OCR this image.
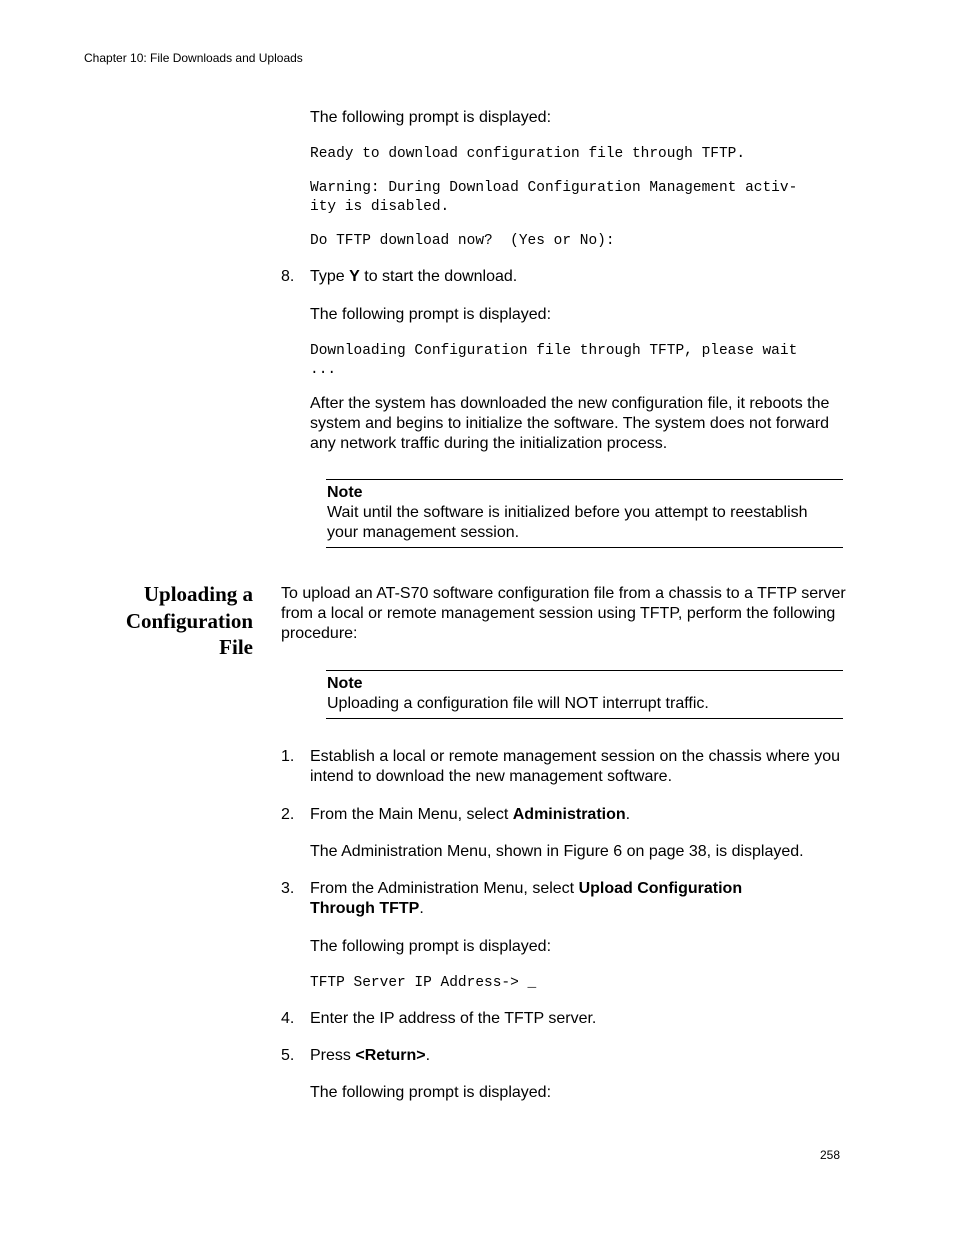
Chapter 10: File Downloads and Uploads
The following prompt is displayed:
Ready to download configuration file through TFTP.
Warning: During Download Configuration Management activ-
ity is disabled.
Do TFTP download now?  (Yes or No):
8. Type Y to start the download.
The following prompt is displayed:
Downloading Configuration file through TFTP, please wait
...
After the system has downloaded the new configuration file, it reboots the system and begins to initialize the software. The system does not forward any network traffic during the initialization process.
Note
Wait until the software is initialized before you attempt to reestablish your management session.
Uploading a
Configuration
File
To upload an AT-S70 software configuration file from a chassis to a TFTP server from a local or remote management session using TFTP, perform the following procedure:
Note
Uploading a configuration file will NOT interrupt traffic.
1. Establish a local or remote management session on the chassis where you intend to download the new management software.
2. From the Main Menu, select Administration.
The Administration Menu, shown in Figure 6 on page 38, is displayed.
3. From the Administration Menu, select Upload Configuration Through TFTP.
The following prompt is displayed:
TFTP Server IP Address-> _
4. Enter the IP address of the TFTP server.
5. Press <Return>.
The following prompt is displayed:
258
